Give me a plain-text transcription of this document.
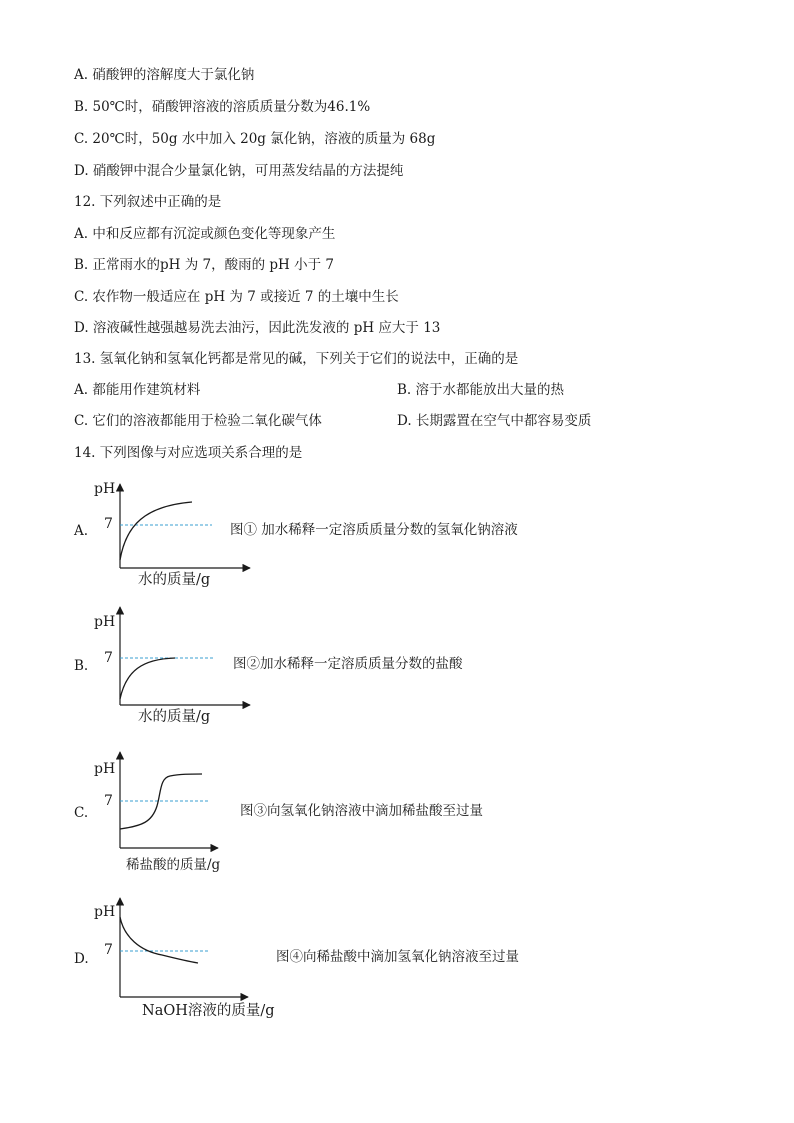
A. 硝酸钾的溶解度大于氯化钠
B. 50℃时，硝酸钾溶液的溶质质量分数为46.1%
C. 20℃时，50g 水中加入 20g 氯化钠，溶液的质量为 68g
D. 硝酸钾中混合少量氯化钠，可用蒸发结晶的方法提纯
12. 下列叙述中正确的是
A. 中和反应都有沉淀或颜色变化等现象产生
B. 正常雨水的pH 为 7，酸雨的 pH 小于 7
C. 农作物一般适应在 pH 为 7 或接近 7 的土壤中生长
D. 溶液碱性越强越易洗去油污，因此洗发液的 pH 应大于 13
13. 氢氧化钠和氢氧化钙都是常见的碱，下列关于它们的说法中，正确的是
A. 都能用作建筑材料	B. 溶于水都能放出大量的热
C. 它们的溶液都能用于检验二氧化碳气体	D. 长期露置在空气中都容易变质
14. 下列图像与对应选项关系合理的是
A.
pH
7
水的质量/g
图① 加水稀释一定溶质质量分数的氢氧化钠溶液
B.
pH
7
水的质量/g
图②加水稀释一定溶质质量分数的盐酸
C.
pH
7
稀盐酸的质量/g
图③向氢氧化钠溶液中滴加稀盐酸至过量
D.
pH
7
NaOH溶液的质量/g
图④向稀盐酸中滴加氢氧化钠溶液至过量
